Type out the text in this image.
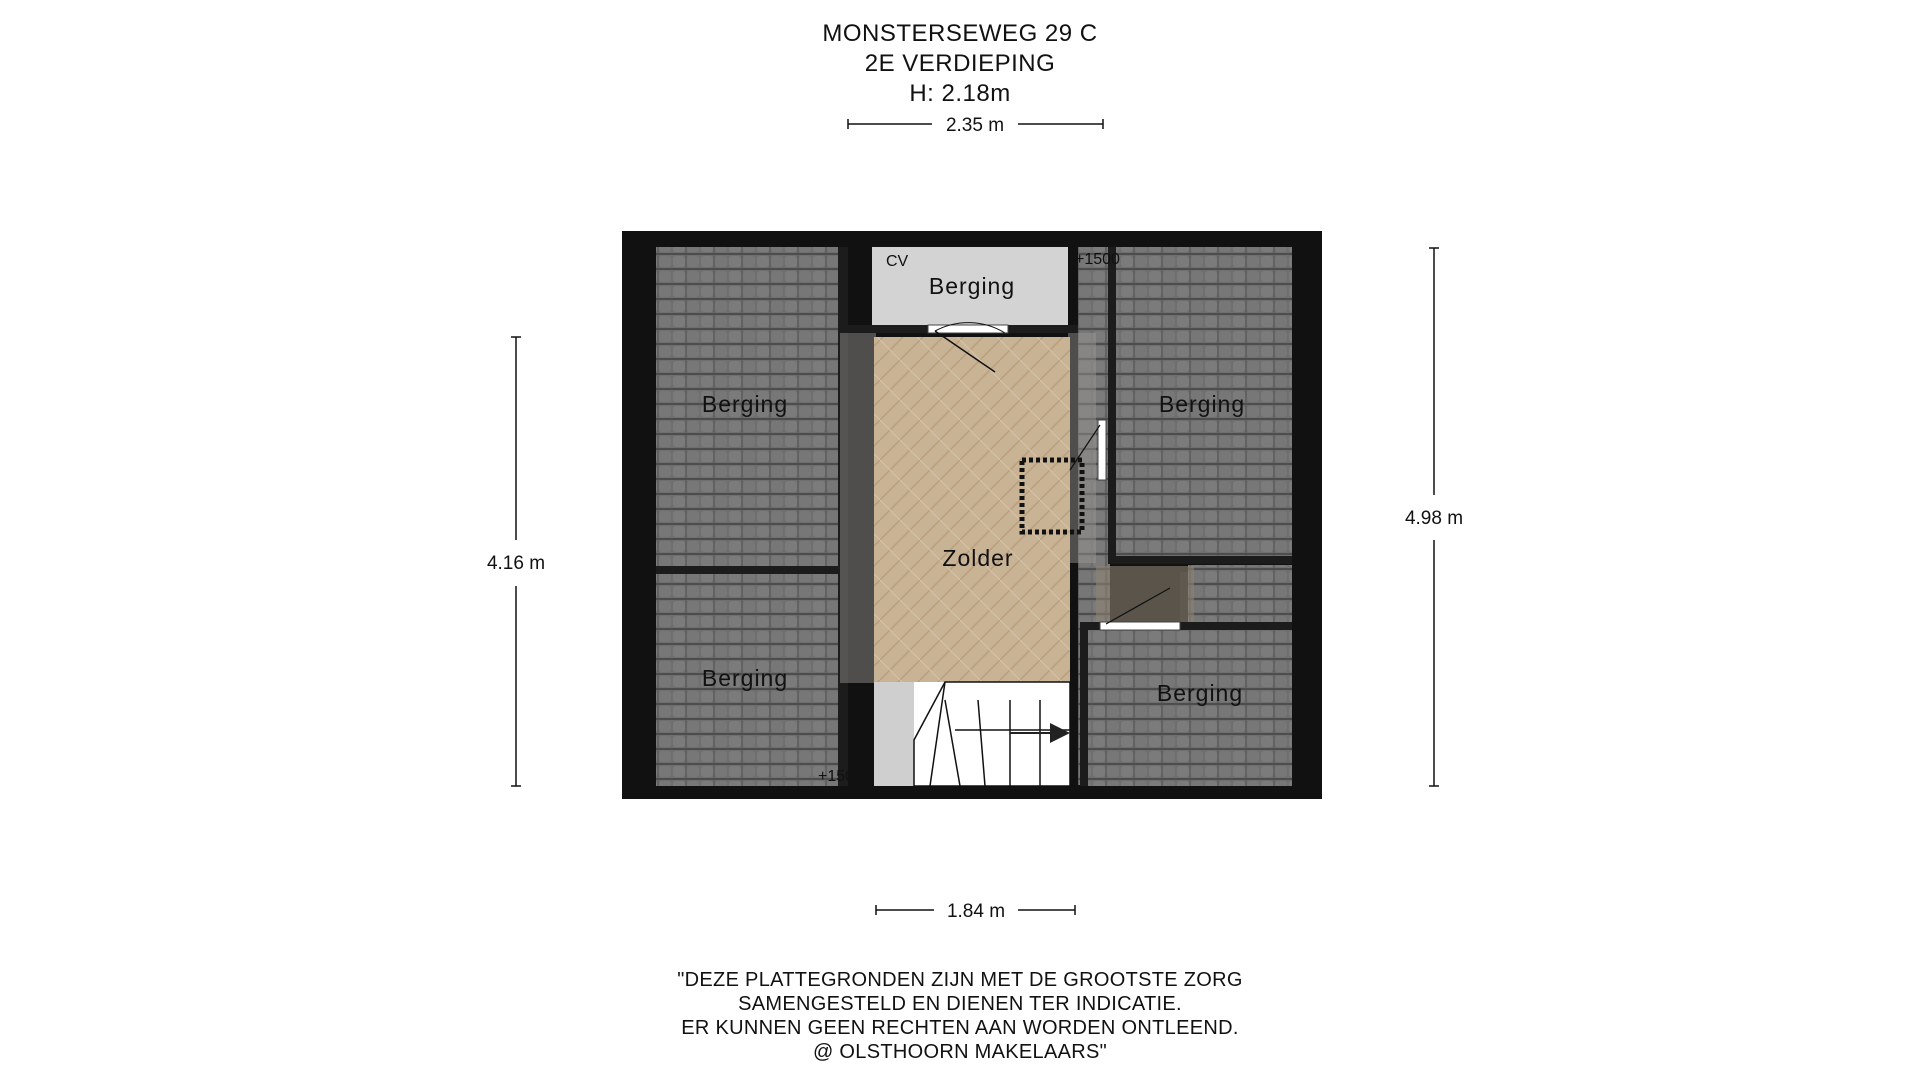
MONSTERSEWEG 29 C
2E VERDIEPING
H: 2.18m
Berging
Berging	Berging
Berging
Berging
Zolder
CV	+1500
+1500
2.35 m
4.16 m
4.98 m
1.84 m
"DEZE PLATTEGRONDEN ZIJN MET DE GROOTSTE ZORG
SAMENGESTELD EN DIENEN TER INDICATIE.
ER KUNNEN GEEN RECHTEN AAN WORDEN ONTLEEND.
@ OLSTHOORN MAKELAARS"
